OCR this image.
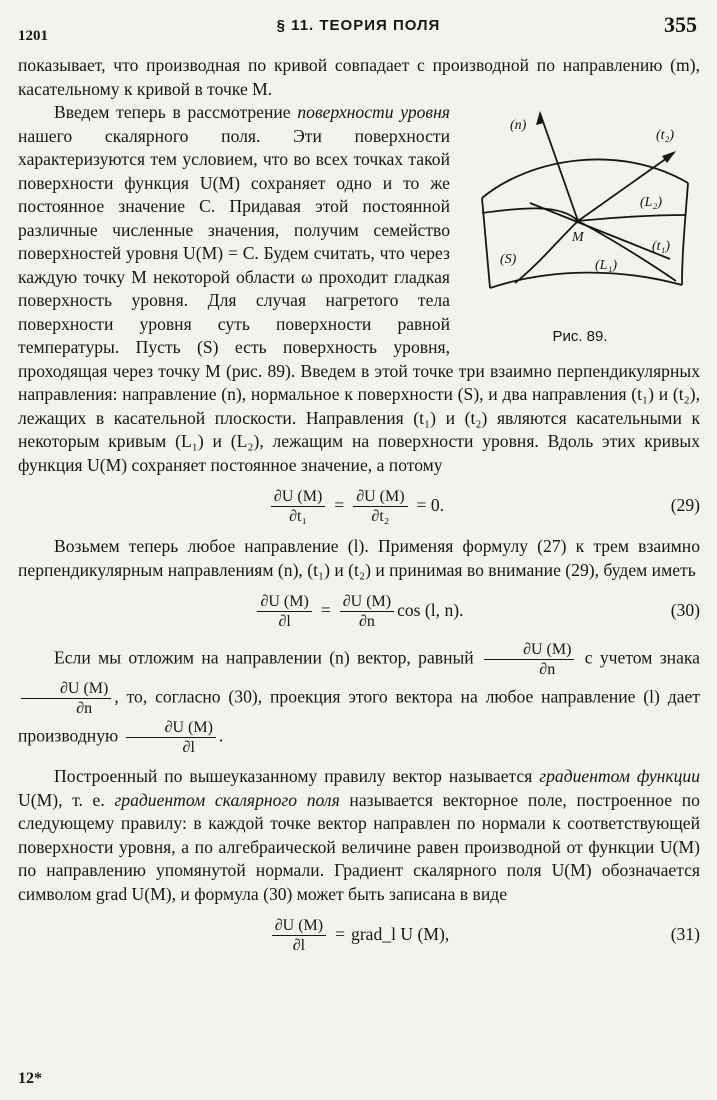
1201
§ 11. ТЕОРИЯ ПОЛЯ	355

показывает, что производная по кривой совпадает с производной по направлению (m), касательному к кривой в точке M.

(n)
(t₂)
(L₂)
(t₁)
M
(S)	(L₁)
Рис. 89.

Введем теперь в рассмотрение поверхности уровня нашего скалярного поля. Эти поверхности характеризуются тем условием, что во всех точках такой поверхности функция U(M) сохраняет одно и то же постоянное значение C. Придавая этой постоянной различные численные значения, получим семейство поверхностей уровня U(M) = C. Будем считать, что через каждую точку M некоторой области ω проходит гладкая поверхность уровня. Для случая нагретого тела поверхности уровня суть поверхности равной температуры. Пусть (S) есть поверхность уровня, проходящая через точку M (рис. 89). Введем в этой точке три взаимно перпендикулярных направления: направление (n), нормальное к поверхности (S), и два направления (t₁) и (t₂), лежащих в касательной плоскости. Направления (t₁) и (t₂) являются касательными к некоторым кривым (L₁) и (L₂), лежащим на поверхности уровня. Вдоль этих кривых функция U(M) сохраняет постоянное значение, а потому

$\frac{\partial U (M)}{\text{∂t₁}} = \frac{\partial U (M)}{\text{∂t₂}} = 0$.	(29)

Возьмем теперь любое направление (l). Применяя формулу (27) к трем взаимно перпендикулярным направлениям (n), (t₁) и (t₂) и принимая во внимание (29), будем иметь

$\frac{\partial U (M)}{\partial l} = \frac{\partial U (M)}{\partial n}$ cos (l, n).	(30)

Если мы отложим на направлении (n) вектор, равный $\frac{\partial U (M)}{\partial n}$ с учетом знака
$\frac{\partial U (M)}{\partial n}$ , то, согласно (30), проекция этого вектора на любое направление (l) дает производную $\frac{\partial U (M)}{\partial l}$ .

Построенный по вышеуказанному правилу вектор называется градиентом функции U(M), т. е. градиентом скалярного поля называется векторное поле, построенное по следующему правилу: в каждой точке вектор направлен по нормали к соответствующей поверхности уровня, а по алгебраической величине равен производной от функции U(M) по направлению упомянутой нормали. Градиент скалярного поля U(M) обозначается символом grad U(M), и формула (30) может быть записана в виде

$\frac{\partial U (M)}{\partial l}$ = grad_l U (M),	(31)
12*
